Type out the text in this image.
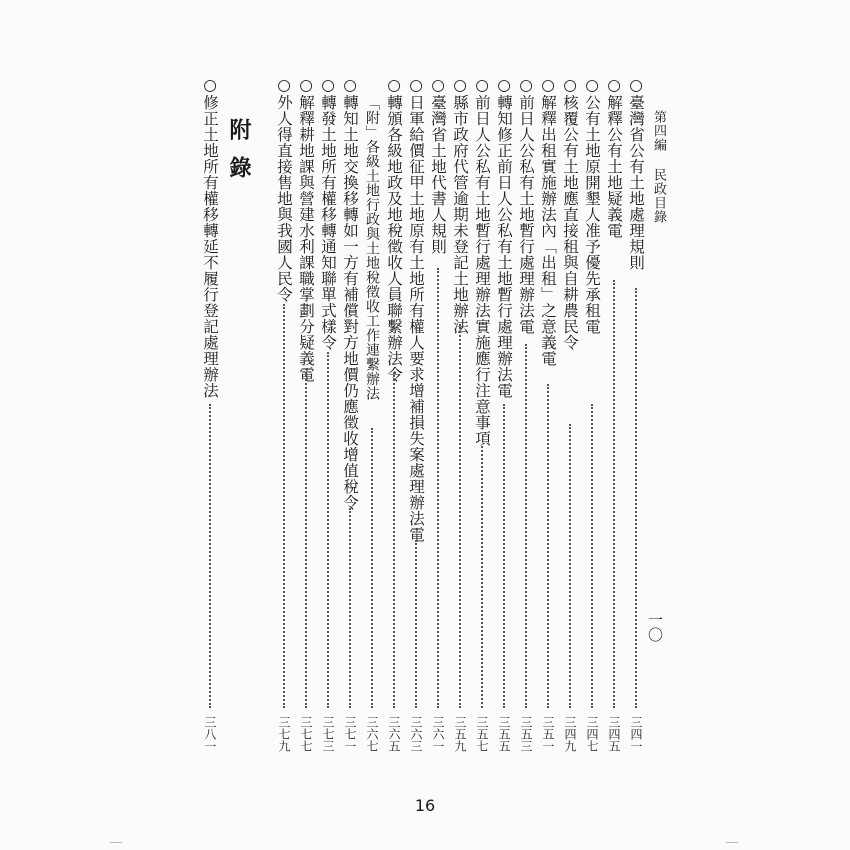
第四編 民政目錄
一〇
○臺灣省公有土地處理規則
三四一
○解釋公有土地疑義電
三四五
○公有土地原開墾人准予優先承租電
三四七
○核覆公有土地應直接租與自耕農民令
三四九
○解釋出租實施辦法內「出租」之意義電
三五一
○前日人公私有土地暫行處理辦法電
三五三
○轉知修正前日人公私有土地暫行處理辦法電
三五五
○前日人公私有土地暫行處理辦法實施應行注意事項
三五七
○縣市政府代管逾期未登記土地辦法
三五九
○臺灣省土地代書人規則
三六一
○日軍給價征甲土地原有土地所有權人要求增補損失案處理辦法電
三六三
○轉頒各級地政及地稅徵收人員聯繫辦法令
三六五
「附」各級土地行政與土地稅徵收工作連繫辦法
三六七
○轉知土地交換移轉如一方有補償對方地價仍應徵收增值稅令
三七一
○轉發土地所有權移轉通知聯單式樣令
三七三
○解釋耕地課與營建水利課職掌劃分疑義電
三七七
○外人得直接售地與我國人民令
三七九
附錄
○修正土地所有權移轉延不履行登記處理辦法
三八一
16
